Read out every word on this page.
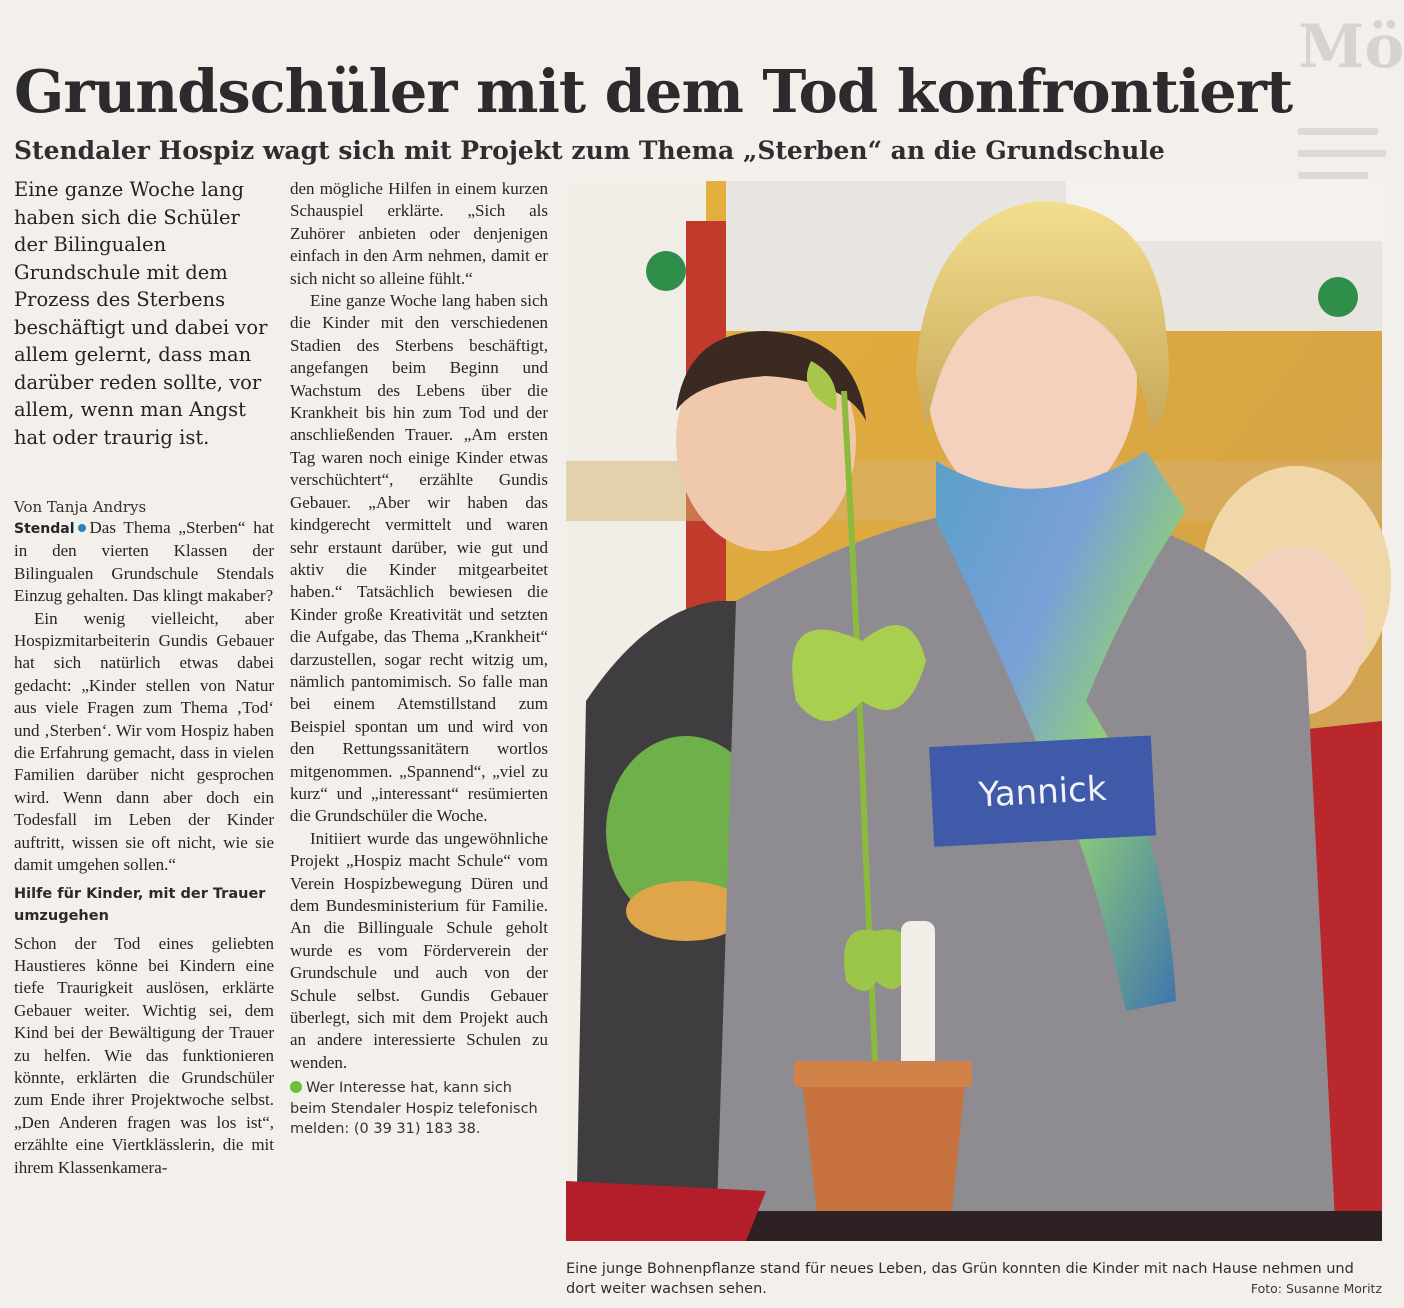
Mö
Grundschüler mit dem Tod konfrontiert
Stendaler Hospiz wagt sich mit Projekt zum Thema „Sterben“ an die Grundschule

Eine ganze Woche lang haben sich die Schüler der Bilingualen Grundschule mit dem Prozess des Sterbens beschäftigt und dabei vor allem gelernt, dass man darüber reden sollte, vor allem, wenn man Angst hat oder traurig ist.

Von Tanja Andrys

Stendal Das Thema „Sterben“ hat in den vierten Klassen der Bilingualen Grundschule Stendals Einzug gehalten. Das klingt makaber?

Ein wenig vielleicht, aber Hospizmitarbeiterin Gundis Gebauer hat sich natürlich etwas dabei gedacht: „Kinder stellen von Natur aus viele Fragen zum Thema ‚Tod‘ und ‚Sterben‘. Wir vom Hospiz haben die Erfahrung gemacht, dass in vielen Familien darüber nicht gesprochen wird. Wenn dann aber doch ein Todesfall im Leben der Kinder auftritt, wissen sie oft nicht, wie sie damit umgehen sollen.“

Hilfe für Kinder, mit der Trauer umzugehen

Schon der Tod eines geliebten Haustieres könne bei Kindern eine tiefe Traurigkeit auslösen, erklärte Gebauer weiter. Wichtig sei, dem Kind bei der Bewältigung der Trauer zu helfen. Wie das funktionieren könnte, erklärten die Grundschüler zum Ende ihrer Projektwoche selbst. „Den Anderen fragen was los ist“, erzählte eine Viertklässlerin, die mit ihrem Klassenkamera-

den mögliche Hilfen in einem kurzen Schauspiel erklärte. „Sich als Zuhörer anbieten oder denjenigen einfach in den Arm nehmen, damit er sich nicht so alleine fühlt.“

Eine ganze Woche lang haben sich die Kinder mit den verschiedenen Stadien des Sterbens beschäftigt, angefangen beim Beginn und Wachstum des Lebens über die Krankheit bis hin zum Tod und der anschließenden Trauer. „Am ersten Tag waren noch einige Kinder etwas verschüchtert“, erzählte Gundis Gebauer. „Aber wir haben das kindgerecht vermittelt und waren sehr erstaunt darüber, wie gut und aktiv die Kinder mitgearbeitet haben.“ Tatsächlich bewiesen die Kinder große Kreativität und setzten die Aufgabe, das Thema „Krankheit“ darzustellen, sogar recht witzig um, nämlich pantomimisch. So falle man bei einem Atemstillstand zum Beispiel spontan um und wird von den Rettungssanitätern wortlos mitgenommen. „Spannend“, „viel zu kurz“ und „interessant“ resümierten die Grundschüler die Woche.

Initiiert wurde das ungewöhnliche Projekt „Hospiz macht Schule“ vom Verein Hospizbewegung Düren und dem Bundesministerium für Familie. An die Billinguale Schule geholt wurde es vom Förderverein der Grundschule und auch von der Schule selbst. Gundis Gebauer überlegt, sich mit dem Projekt auch an andere interessierte Schulen zu wenden.

Wer Interesse hat, kann sich beim Stendaler Hospiz telefonisch melden: (0 39 31) 183 38.

Yannick
Eine junge Bohnenpflanze stand für neues Leben, das Grün konnten die Kinder mit nach Hause nehmen und dort weiter wachsen sehen.	Foto: Susanne Moritz
